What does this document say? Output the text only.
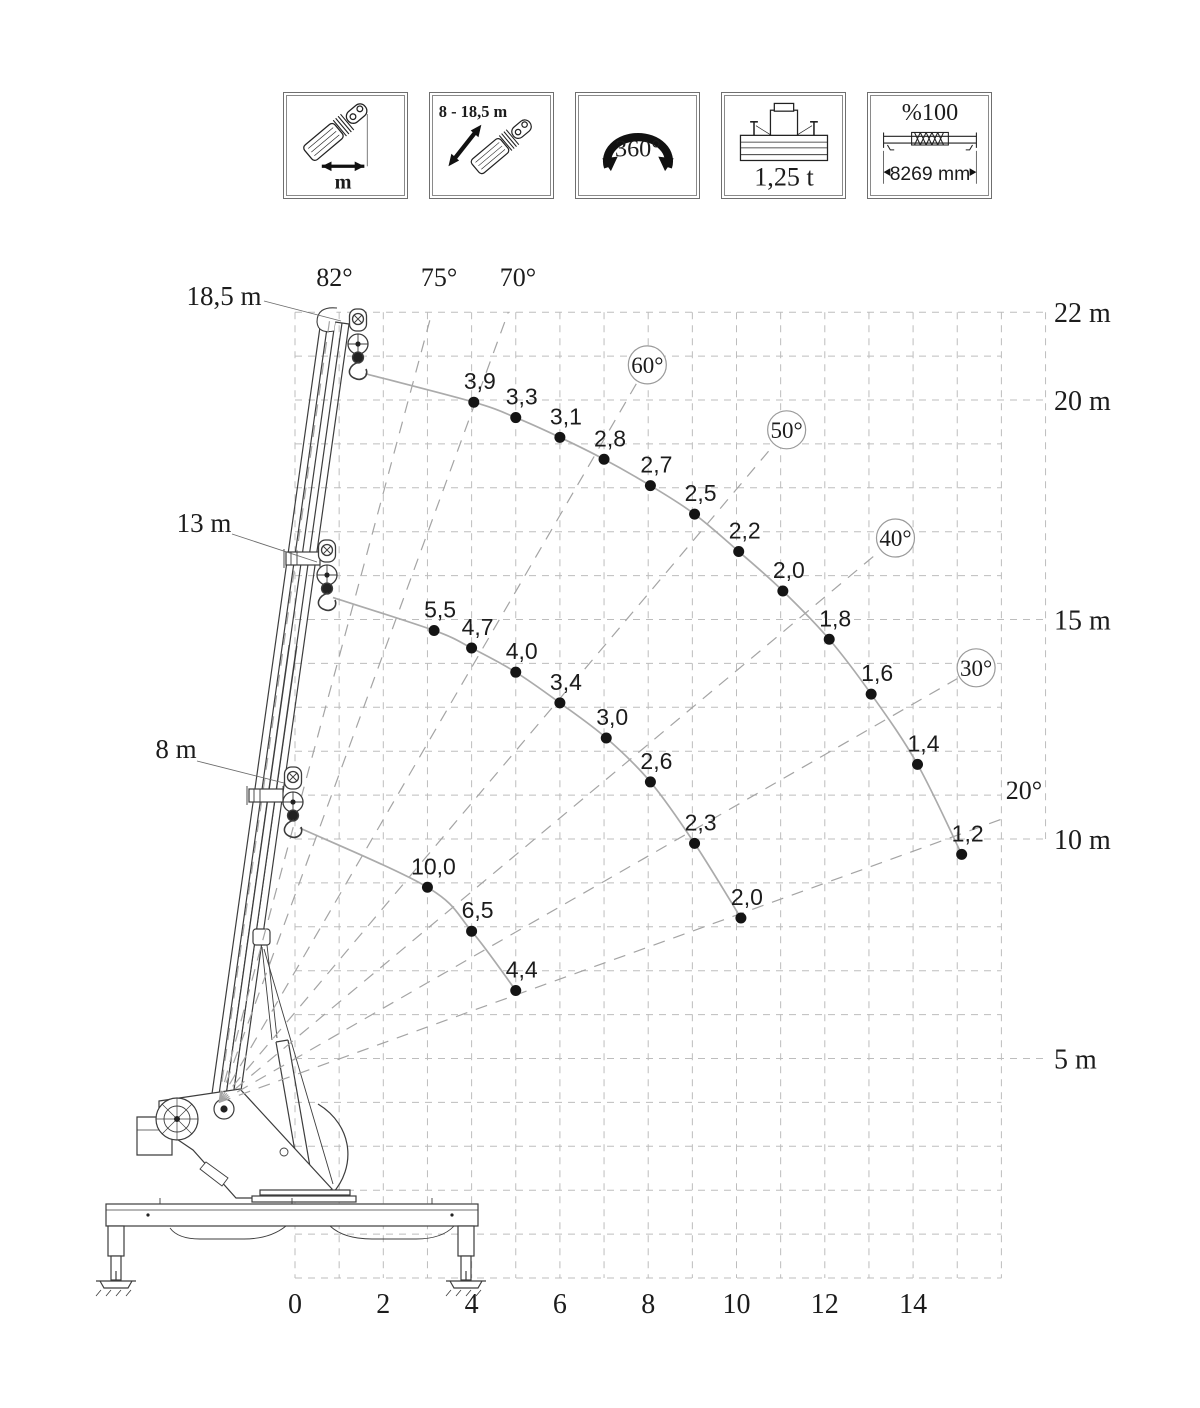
m
8 - 18,5 m
360°
1,25 t
%100
8269 mm
82°	75° 70°
60°
50°
40°
30°
20°
3,9
3,3
3,1
2,8
2,7
2,5
2,2
2,0
1,8
1,6
1,4
1,2
5,5
4,7
4,0
3,4
3,0
2,6
2,3
2,0
10,0
6,5
4,4
0	2	4	6	8 10 12 14
22 m
20 m
15 m
10 m
5 m
18,5 m
13 m
8 m
